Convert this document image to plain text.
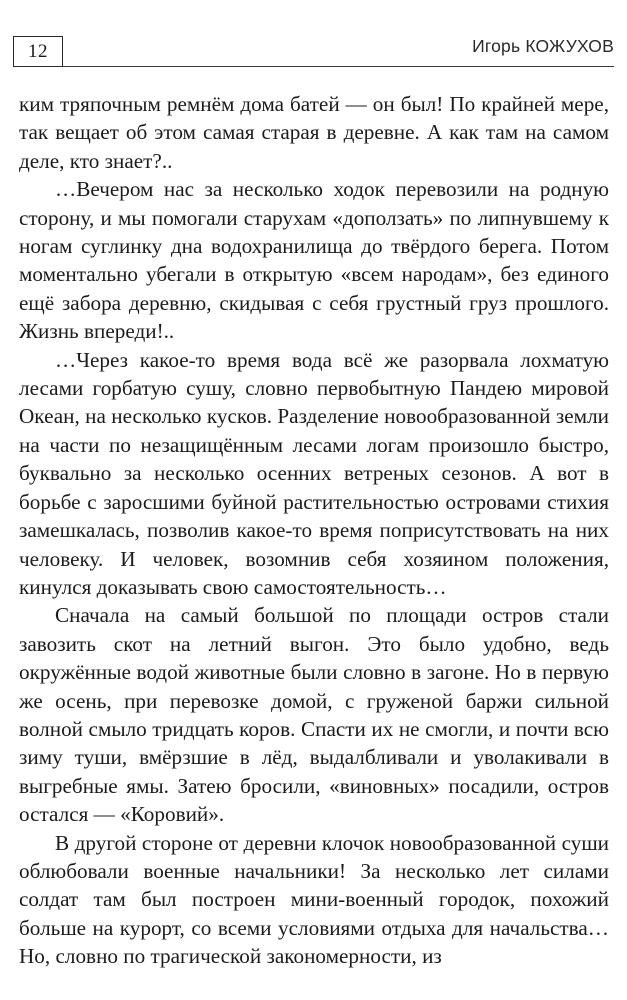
12	Игорь КОЖУХОВ

ким тряпочным ремнём дома батей — он был! По крайней мере, так вещает об этом самая старая в деревне. А как там на самом деле, кто знает?..

…Вечером нас за несколько ходок перевозили на родную сторону, и мы помогали старухам «доползать» по липнувшему к ногам суглинку дна водохранилища до твёрдого берега. Потом моментально убегали в открытую «всем народам», без единого ещё забора деревню, скидывая с себя грустный груз прошлого. Жизнь впереди!..

…Через какое-то время вода всё же разорвала лохматую лесами горбатую сушу, словно первобытную Пандею мировой Океан, на несколько кусков. Разделение новообразованной земли на части по незащищённым лесами логам произошло быстро, буквально за несколько осенних ветреных сезонов. А вот в борьбе с заросшими буйной растительностью островами стихия замешкалась, позволив какое-то время поприсутствовать на них человеку. И человек, возомнив себя хозяином положения, кинулся доказывать свою самостоятельность…

Сначала на самый большой по площади остров стали завозить скот на летний выгон. Это было удобно, ведь окружённые водой животные были словно в загоне. Но в первую же осень, при перевозке домой, с груженой баржи сильной волной смыло тридцать коров. Спасти их не смогли, и почти всю зиму туши, вмёрзшие в лёд, выдалбливали и уволакивали в выгребные ямы. Затею бросили, «виновных» посадили, остров остался — «Коровий».

В другой стороне от деревни клочок новообразованной суши облюбовали военные начальники! За несколько лет силами солдат там был построен мини-военный городок, похожий больше на курорт, со всеми условиями отдыха для начальства… Но, словно по трагической закономерности, из
